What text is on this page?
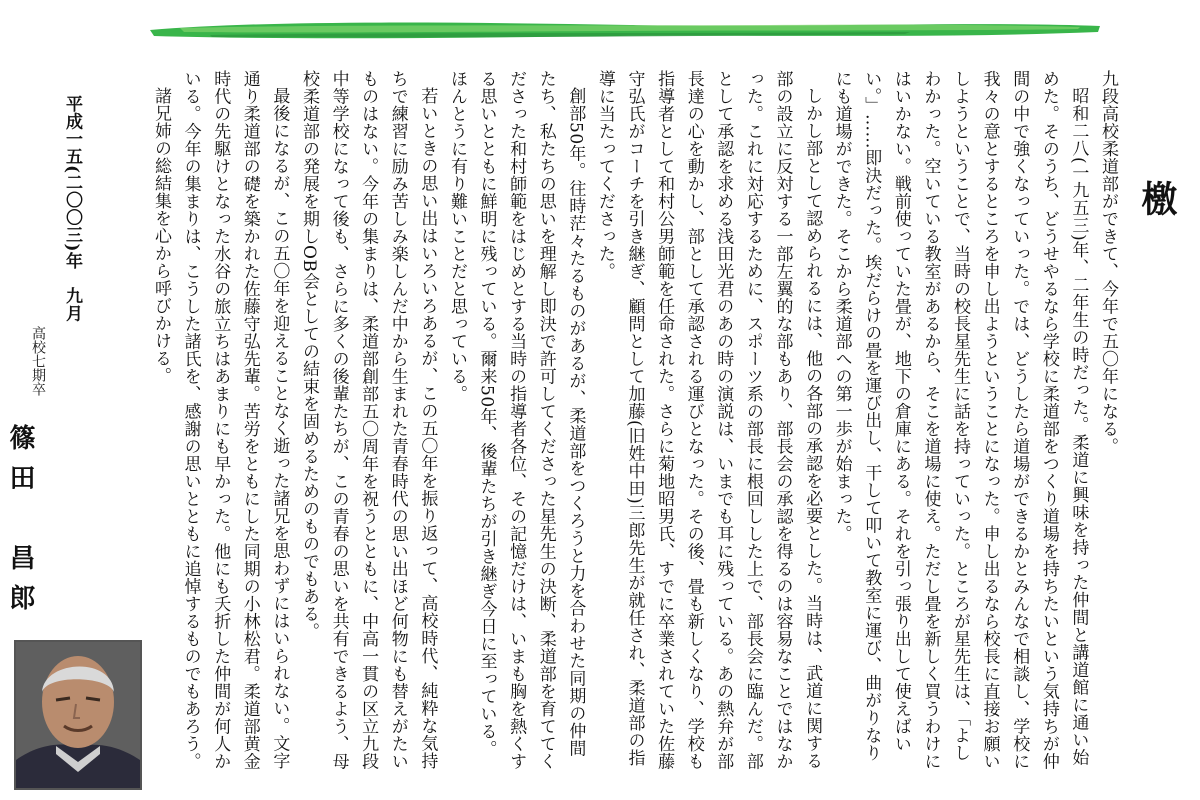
檄

九段高校柔道部ができて、今年で五〇年になる。

昭和二八(一九五三)年、二年生の時だった。柔道に興味を持った仲間と講道館に通い始めた。そのうち、どうせやるなら学校に柔道部をつくり道場を持ちたいという気持ちが仲間の中で強くなっていった。では、どうしたら道場ができるかとみんなで相談し、学校に我々の意とするところを申し出ようということになった。申し出るなら校長に直接お願いしようということで、当時の校長星先生に話を持っていった。ところが星先生は、「よしわかった。空いている教室があるから、そこを道場に使え。ただし畳を新しく買うわけにはいかない。戦前使っていた畳が、地下の倉庫にある。それを引っ張り出して使えばいい。」……即決だった。埃だらけの畳を運び出し、干して叩いて教室に運び、曲がりなりにも道場ができた。そこから柔道部への第一歩が始まった。

しかし部として認められるには、他の各部の承認を必要とした。当時は、武道に関する部の設立に反対する一部左翼的な部もあり、部長会の承認を得るのは容易なことではなかった。これに対応するために、スポーツ系の部長に根回しした上で、部長会に臨んだ。部として承認を求める浅田光君のあの時の演説は、いまでも耳に残っている。あの熱弁が部長達の心を動かし、部として承認される運びとなった。その後、畳も新しくなり、学校も指導者として和村公男師範を任命された。さらに菊地昭男氏、すでに卒業されていた佐藤守弘氏がコーチを引き継ぎ、顧問として加藤(旧姓中田)三郎先生が就任され、柔道部の指導に当たってくださった。

創部50年。往時茫々たるものがあるが、柔道部をつくろうと力を合わせた同期の仲間たち、私たちの思いを理解し即決で許可してくださった星先生の決断、柔道部を育ててくださった和村師範をはじめとする当時の指導者各位、その記憶だけは、いまも胸を熱くする思いとともに鮮明に残っている。爾来50年、後輩たちが引き継ぎ今日に至っている。ほんとうに有り難いことだと思っている。

若いときの思い出はいろいろあるが、この五〇年を振り返って、高校時代、純粋な気持ちで練習に励み苦しみ楽しんだ中から生まれた青春時代の思い出ほど何物にも替えがたいものはない。今年の集まりは、柔道部創部五〇周年を祝うとともに、中高一貫の区立九段中等学校になって後も、さらに多くの後輩たちが、この青春の思いを共有できるよう、母校柔道部の発展を期しOB会としての結束を固めるためのものでもある。

最後になるが、この五〇年を迎えることなく逝った諸兄を思わずにはいられない。文字通り柔道部の礎を築かれた佐藤守弘先輩。苦労をともにした同期の小林松君。柔道部黄金時代の先駆けとなった水谷の旅立ちはあまりにも早かった。他にも夭折した仲間が何人かいる。今年の集まりは、こうした諸氏を、感謝の思いとともに追悼するものでもあろう。

諸兄姉の総結集を心から呼びかける。

平成一五(二〇〇三)年　九月
高校七期卒
篠田　昌郎
